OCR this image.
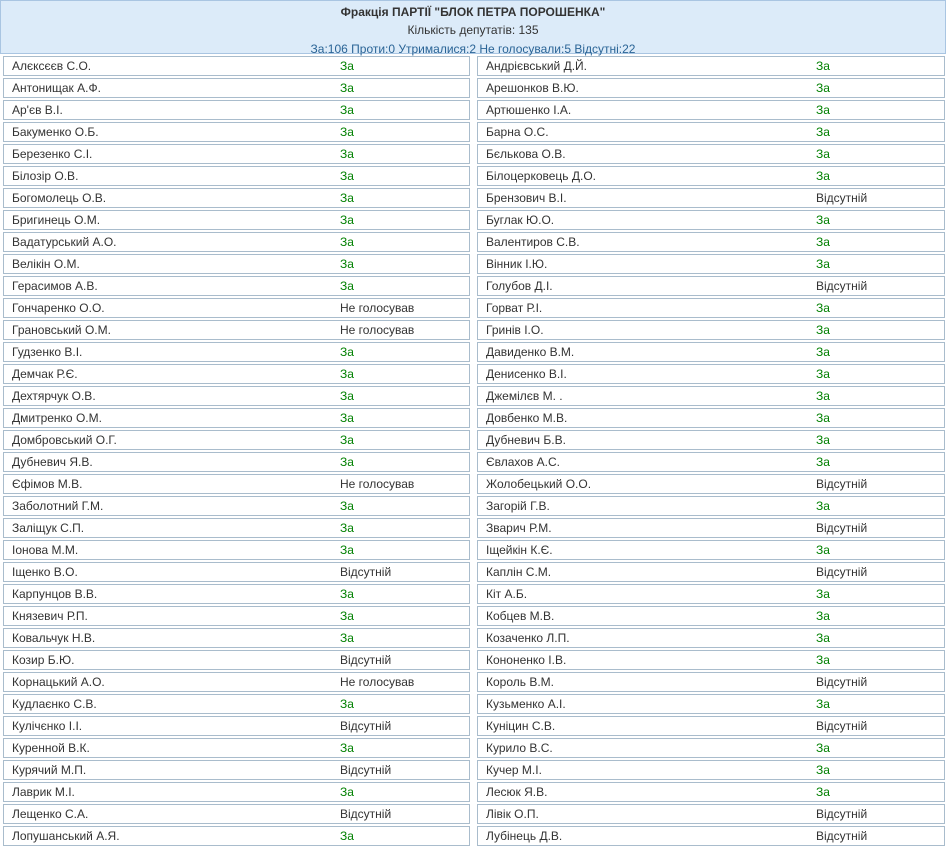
Фракція ПАРТІЇ "БЛОК ПЕТРА ПОРОШЕНКА"
Кількість депутатів: 135
За:106 Проти:0 Утрималися:2 Не голосували:5 Відсутні:22
Алєксєєв С.О.	За
Антонищак А.Ф.	За
Ар'єв В.І.	За
Бакуменко О.Б.	За
Березенко С.І.	За
Білозір О.В.	За
Богомолець О.В.	За
Бригинець О.М.	За
Вадатурський А.О.	За
Велікін О.М.	За
Герасимов А.В.	За
Гончаренко О.О.	Не голосував
Грановський О.М.	Не голосував
Гудзенко В.І.	За
Демчак Р.Є.	За
Дехтярчук О.В.	За
Дмитренко О.М.	За
Домбровський О.Г.	За
Дубневич Я.В.	За
Єфімов М.В.	Не голосував
Заболотний Г.М.	За
Заліщук С.П.	За
Іонова М.М.	За
Іщенко В.О.	Відсутній
Карпунцов В.В.	За
Князевич Р.П.	За
Ковальчук Н.В.	За
Козир Б.Ю.	Відсутній
Корнацький А.О.	Не голосував
Кудлаєнко С.В.	За
Кулічєнко І.І.	Відсутній
Куренной В.К.	За
Курячий М.П.	Відсутній
Лаврик М.І.	За
Лещенко С.А.	Відсутній
Лопушанський А.Я.	За
Андрієвський Д.Й.	За
Арешонков В.Ю.	За
Артюшенко І.А.	За
Барна О.С.	За
Бєлькова О.В.	За
Білоцерковець Д.О.	За
Брензович В.І.	Відсутній
Буглак Ю.О.	За
Валентиров С.В.	За
Вінник І.Ю.	За
Голубов Д.І.	Відсутній
Горват Р.І.	За
Гринів І.О.	За
Давиденко В.М.	За
Денисенко В.І.	За
Джемілєв М. .	За
Довбенко М.В.	За
Дубневич Б.В.	За
Євлахов А.С.	За
Жолобецький О.О.	Відсутній
Загорій Г.В.	За
Зварич Р.М.	Відсутній
Іщейкін К.Є.	За
Каплін С.М.	Відсутній
Кіт А.Б.	За
Кобцев М.В.	За
Козаченко Л.П.	За
Кононенко І.В.	За
Король В.М.	Відсутній
Кузьменко А.І.	За
Куніцин С.В.	Відсутній
Курило В.С.	За
Кучер М.І.	За
Лесюк Я.В.	За
Лівік О.П.	Відсутній
Лубінець Д.В.	Відсутній
